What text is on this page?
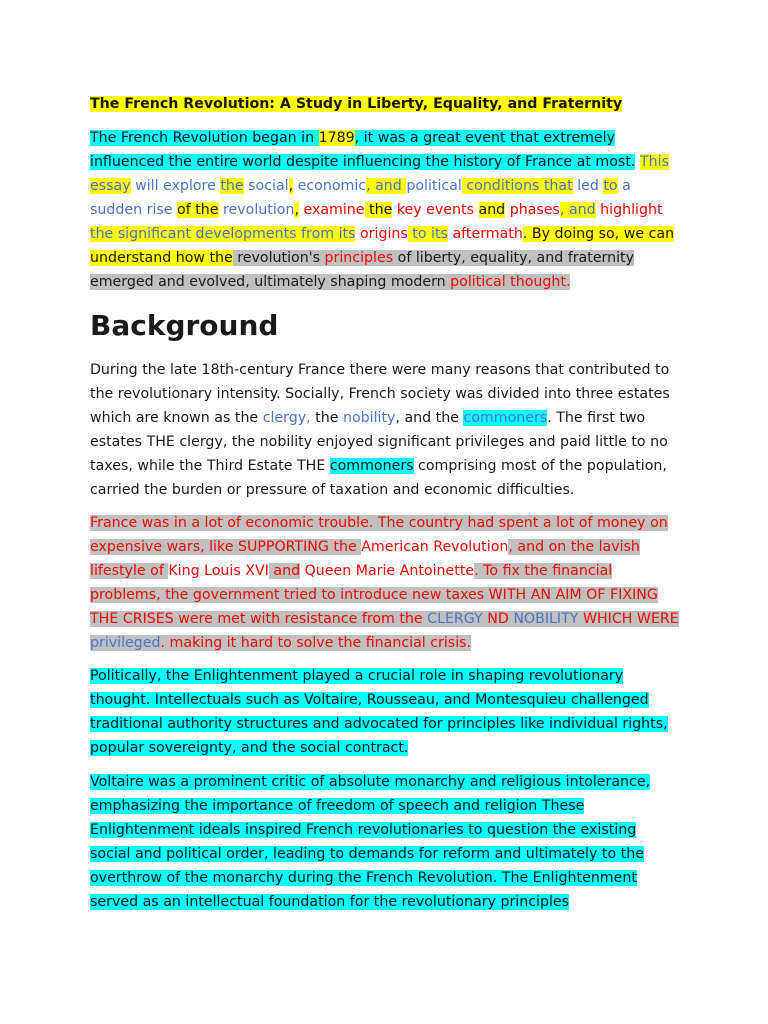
The French Revolution: A Study in Liberty, Equality, and Fraternity
The French Revolution began in 1789, it was a great event that extremely
influenced the entire world despite influencing the history of France at most. This
essay will explore the social, economic, and political conditions that led to a
sudden rise of the revolution, examine the key events and phases, and highlight
the significant developments from its origins to its aftermath. By doing so, we can
understand how the revolution's principles of liberty, equality, and fraternity
emerged and evolved, ultimately shaping modern political thought.
Background
During the late 18th-century France there were many reasons that contributed to
the revolutionary intensity. Socially, French society was divided into three estates
which are known as the clergy, the nobility, and the commoners. The first two
estates THE clergy, the nobility enjoyed significant privileges and paid little to no
taxes, while the Third Estate THE commoners comprising most of the population,
carried the burden or pressure of taxation and economic difficulties.
France was in a lot of economic trouble. The country had spent a lot of money on
expensive wars, like SUPPORTING the American Revolution, and on the lavish
lifestyle of King Louis XVI and Queen Marie Antoinette. To fix the financial
problems, the government tried to introduce new taxes WITH AN AIM OF FIXING
THE CRISES were met with resistance from the CLERGY ND NOBILITY WHICH WERE
privileged. making it hard to solve the financial crisis.
Politically, the Enlightenment played a crucial role in shaping revolutionary
thought. Intellectuals such as Voltaire, Rousseau, and Montesquieu challenged
traditional authority structures and advocated for principles like individual rights,
popular sovereignty, and the social contract.
Voltaire was a prominent critic of absolute monarchy and religious intolerance,
emphasizing the importance of freedom of speech and religion These
Enlightenment ideals inspired French revolutionaries to question the existing
social and political order, leading to demands for reform and ultimately to the
overthrow of the monarchy during the French Revolution. The Enlightenment
served as an intellectual foundation for the revolutionary principles
